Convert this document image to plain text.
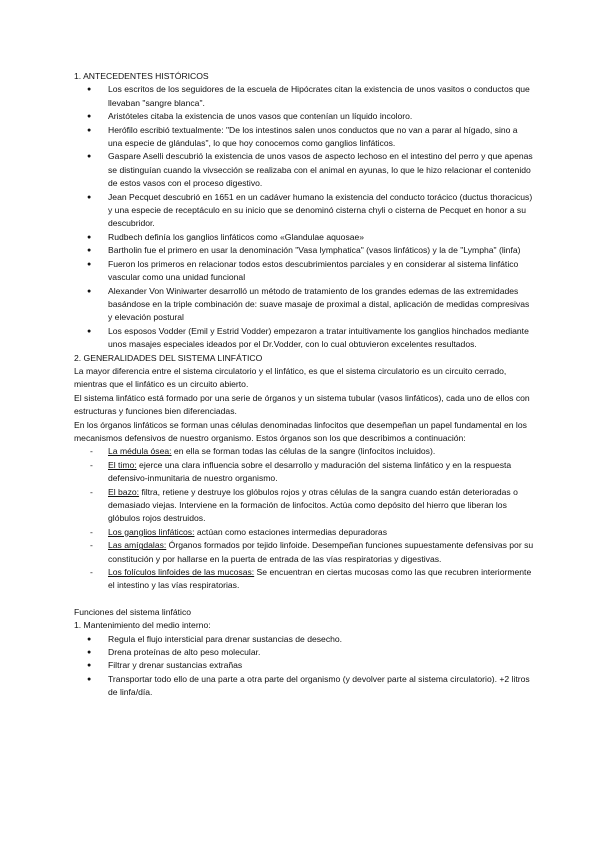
1. ANTECEDENTES HISTÓRICOS

● Los escritos de los seguidores de la escuela de Hipócrates citan la existencia de unos vasitos o conductos que llevaban "sangre blanca".
● Aristóteles citaba la existencia de unos vasos que contenían un líquido incoloro.
● Herófilo escribió textualmente: "De los intestinos salen unos conductos que no van a parar al hígado, sino a una especie de glándulas", lo que hoy conocemos como ganglios linfáticos.
● Gaspare Aselli descubrió la existencia de unos vasos de aspecto lechoso en el intestino del perro y que apenas se distinguían cuando la vivsección se realizaba con el animal en ayunas, lo que le hizo relacionar el contenido de estos vasos con el proceso digestivo.
● Jean Pecquet descubrió en 1651 en un cadáver humano la existencia del conducto torácico (ductus thoracicus) y una especie de receptáculo en su inicio que se denominó cisterna chyli o cisterna de Pecquet en honor a su descubridor.
● Rudbech definía los ganglios linfáticos como «Glandulae aquosae»
● Bartholin fue el primero en usar la denominación "Vasa lymphatica" (vasos linfáticos) y la de "Lympha" (linfa)
● Fueron los primeros en relacionar todos estos descubrimientos parciales y en considerar al sistema linfático vascular como una unidad funcional
● Alexander Von Winiwarter desarrolló un método de tratamiento de los grandes edemas de las extremidades basándose en la triple combinación de: suave masaje de proximal a distal, aplicación de medidas compresivas y elevación postural
● Los esposos Vodder (Emil y Estrid Vodder) empezaron a tratar intuitivamente los ganglios hinchados mediante unos masajes especiales ideados por el Dr.Vodder, con lo cual obtuvieron excelentes resultados.

2. GENERALIDADES DEL SISTEMA LINFÁTICO

La mayor diferencia entre el sistema circulatorio y el linfático, es que el sistema circulatorio es un circuito cerrado, mientras que el linfático es un circuito abierto.

El sistema linfático está formado por una serie de órganos y un sistema tubular (vasos linfáticos), cada uno de ellos con estructuras y funciones bien diferenciadas.

En los órganos linfáticos se forman unas células denominadas linfocitos que desempeñan un papel fundamental en los mecanismos defensivos de nuestro organismo. Estos órganos son los que describimos a continuación:

- La médula ósea: en ella se forman todas las células de la sangre (linfocitos incluidos).
- El timo: ejerce una clara influencia sobre el desarrollo y maduración del sistema linfático y en la respuesta defensivo-inmunitaria de nuestro organismo.
- El bazo: filtra, retiene y destruye los glóbulos rojos y otras células de la sangra cuando están deterioradas o demasiado viejas. Interviene en la formación de linfocitos. Actúa como depósito del hierro que liberan los glóbulos rojos destruidos.
- Los ganglios linfáticos: actúan como estaciones intermedias depuradoras
- Las amígdalas: Órganos formados por tejido linfoide. Desempeñan funciones supuestamente defensivas por su constitución y por hallarse en la puerta de entrada de las vías respiratorias y digestivas.
- Los folículos linfoides de las mucosas: Se encuentran en ciertas mucosas como las que recubren interiormente el intestino y las vías respiratorias.

Funciones del sistema linfático

1. Mantenimiento del medio interno:

● Regula el flujo intersticial para drenar sustancias de desecho.
● Drena proteínas de alto peso molecular.
● Filtrar y drenar sustancias extrañas
● Transportar todo ello de una parte a otra parte del organismo (y devolver parte al sistema circulatorio). +2 litros de linfa/día.
